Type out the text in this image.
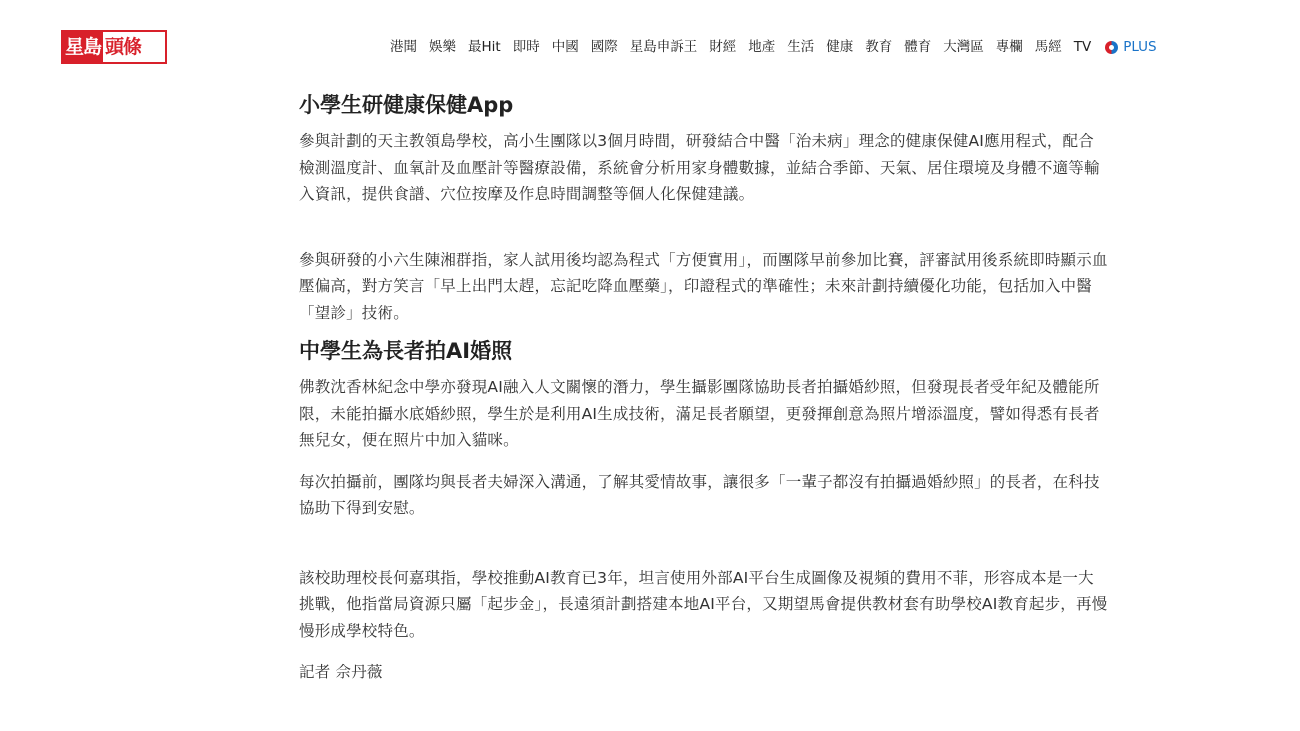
星島 頭條	港聞 娛樂 最Hit 即時 中國 國際 星島申訴王 財經 地產 生活 健康 教育 體育 大灣區 專欄 馬經 TV PLUS
小學生研健康保健App

參與計劃的天主教領島學校，高小生團隊以3個月時間，研發結合中醫「治未病」理念的健康保健AI應用程式，配合檢測溫度計、血氧計及血壓計等醫療設備，系統會分析用家身體數據，並結合季節、天氣、居住環境及身體不適等輸入資訊，提供食譜、穴位按摩及作息時間調整等個人化保健建議。

參與研發的小六生陳湘群指，家人試用後均認為程式「方便實用」，而團隊早前參加比賽，評審試用後系統即時顯示血壓偏高，對方笑言「早上出門太趕，忘記吃降血壓藥」，印證程式的準確性；未來計劃持續優化功能，包括加入中醫「望診」技術。

中學生為長者拍AI婚照

佛教沈香林紀念中學亦發現AI融入人文關懷的潛力，學生攝影團隊協助長者拍攝婚紗照，但發現長者受年紀及體能所限，未能拍攝水底婚紗照，學生於是利用AI生成技術，滿足長者願望，更發揮創意為照片增添溫度，譬如得悉有長者無兒女，便在照片中加入貓咪。

每次拍攝前，團隊均與長者夫婦深入溝通，了解其愛情故事，讓很多「一輩子都沒有拍攝過婚紗照」的長者，在科技協助下得到安慰。

該校助理校長何嘉琪指，學校推動AI教育已3年，坦言使用外部AI平台生成圖像及視頻的費用不菲，形容成本是一大挑戰，他指當局資源只屬「起步金」，長遠須計劃搭建本地AI平台，又期望馬會提供教材套有助學校AI教育起步，再慢慢形成學校特色。

記者 佘丹薇
